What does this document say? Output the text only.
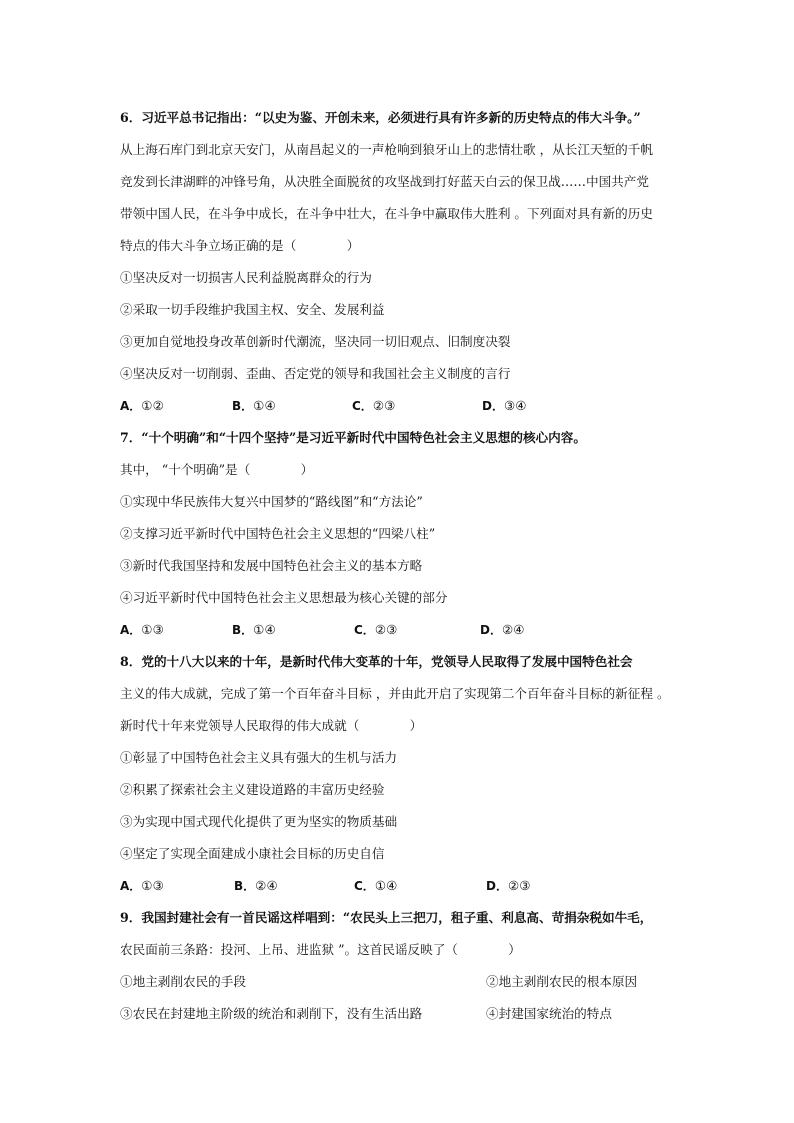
6．习近平总书记指出：“以史为鉴、开创未来，必须进行具有许多新的历史特点的伟大斗争。”
从上海石库门到北京天安门，从南昌起义的一声枪响到狼牙山上的悲情壮歌 ，从长江天堑的千帆
竞发到长津湖畔的冲锋号角，从决胜全面脱贫的攻坚战到打好蓝天白云的保卫战……中国共产党
带领中国人民，在斗争中成长，在斗争中壮大，在斗争中赢取伟大胜利 。下列面对具有新的历史
特点的伟大斗争立场正确的是（　　　　）
①坚决反对一切损害人民利益脱离群众的行为
②采取一切手段维护我国主权、安全、发展利益
③更加自觉地投身改革创新时代潮流，坚决同一切旧观点、旧制度决裂
④坚决反对一切削弱、歪曲、否定党的领导和我国社会主义制度的言行
A．①②	B．①④	C．②③	D．③④
7．“十个明确”和“十四个坚持”是习近平新时代中国特色社会主义思想的核心内容。
其中， “十个明确”是（　　　　）
①实现中华民族伟大复兴中国梦的“路线图”和“方法论”
②支撑习近平新时代中国特色社会主义思想的“四梁八柱”
③新时代我国坚持和发展中国特色社会主义的基本方略
④习近平新时代中国特色社会主义思想最为核心关键的部分
A．①③	B．①④	C．②③	D．②④
8．党的十八大以来的十年，是新时代伟大变革的十年，党领导人民取得了发展中国特色社会
主义的伟大成就，完成了第一个百年奋斗目标 ，并由此开启了实现第二个百年奋斗目标的新征程 。
新时代十年来党领导人民取得的伟大成就（　　　　）
①彰显了中国特色社会主义具有强大的生机与活力
②积累了探索社会主义建设道路的丰富历史经验
③为实现中国式现代化提供了更为坚实的物质基础
④坚定了实现全面建成小康社会目标的历史自信
A．①③	B．②④	C．①④	D．②③
9．我国封建社会有一首民谣这样唱到：“农民头上三把刀，租子重、利息高、苛捐杂税如牛毛，
农民面前三条路：投河、上吊、进监狱 ”。这首民谣反映了（　　　　）
①地主剥削农民的手段	②地主剥削农民的根本原因
③农民在封建地主阶级的统治和剥削下，没有生活出路	④封建国家统治的特点
